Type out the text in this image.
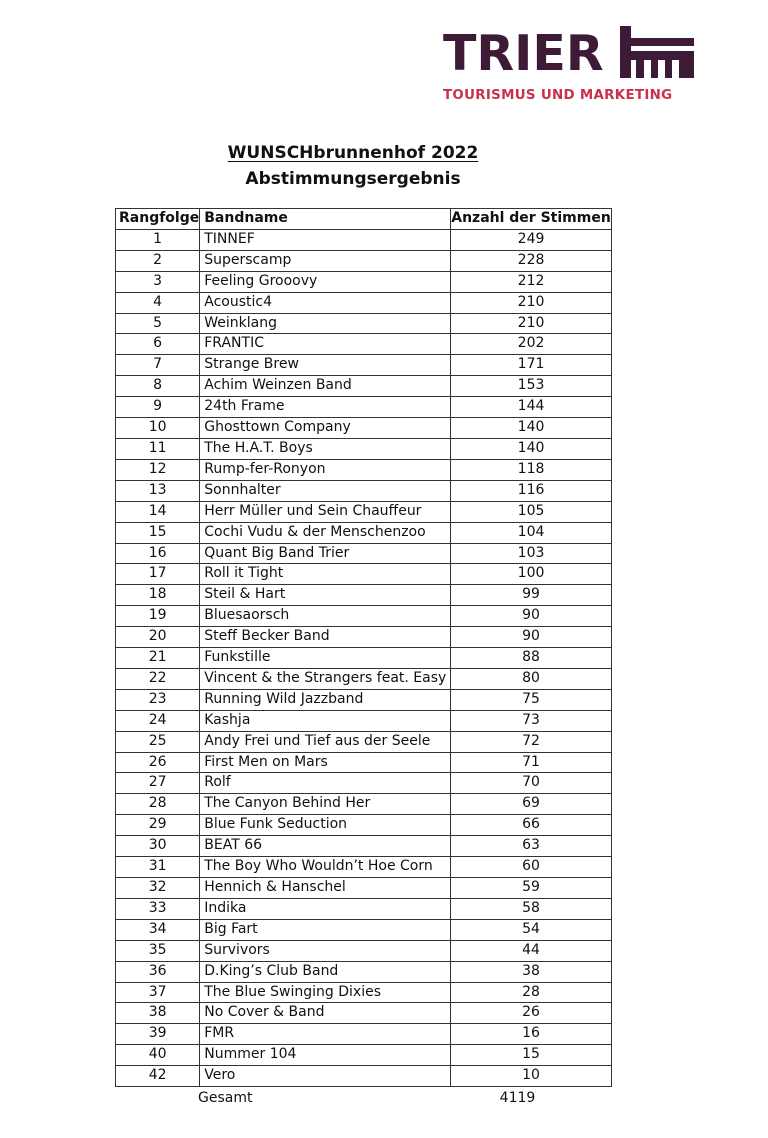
TRIER
TOURISMUS UND MARKETING
WUNSCHbrunnenhof 2022
Abstimmungsergebnis
Rangfolge	Bandname	Anzahl der Stimmen
1	TINNEF	249
2	Superscamp	228
3	Feeling Grooovy	212
4	Acoustic4	210
5	Weinklang	210
6	FRANTIC	202
7	Strange Brew	171
8	Achim Weinzen Band	153
9	24th Frame	144
10	Ghosttown Company	140
11	The H.A.T. Boys	140
12	Rump-fer-Ronyon	118
13	Sonnhalter	116
14	Herr Müller und Sein Chauffeur	105
15	Cochi Vudu & der Menschenzoo	104
16	Quant Big Band Trier	103
17	Roll it Tight	100
18	Steil & Hart	99
19	Bluesaorsch	90
20	Steff Becker Band	90
21	Funkstille	88
22	Vincent & the Strangers feat. Easy	80
23	Running Wild Jazzband	75
24	Kashja	73
25	Andy Frei und Tief aus der Seele	72
26	First Men on Mars	71
27	Rolf	70
28	The Canyon Behind Her	69
29	Blue Funk Seduction	66
30	BEAT 66	63
31	The Boy Who Wouldn’t Hoe Corn	60
32	Hennich & Hanschel	59
33	Indika	58
34	Big Fart	54
35	Survivors	44
36	D.King’s Club Band	38
37	The Blue Swinging Dixies	28
38	No Cover & Band	26
39	FMR	16
40	Nummer 104	15
42	Vero	10
Gesamt	4119
